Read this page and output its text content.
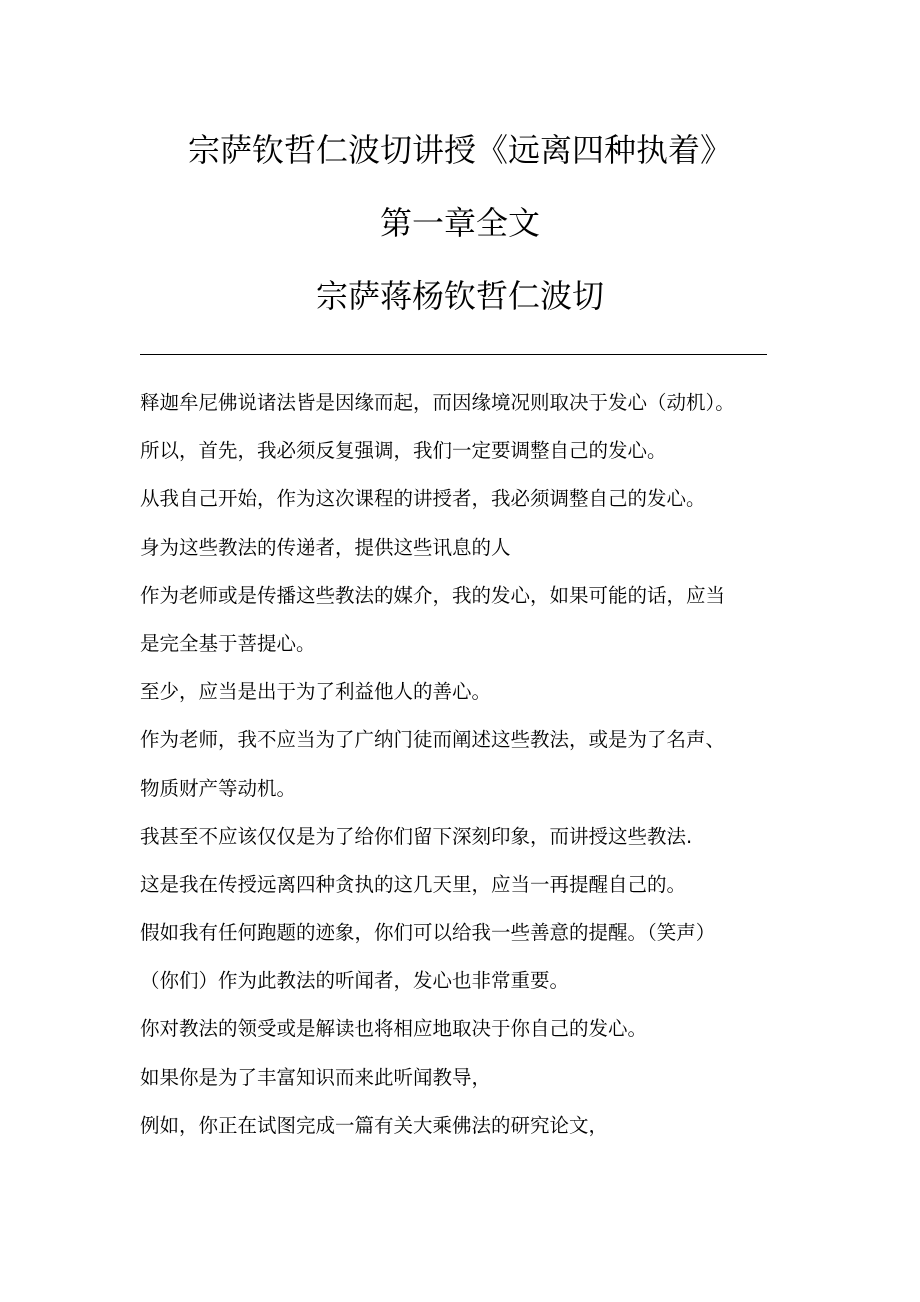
宗萨钦哲仁波切讲授《远离四种执着》
第一章全文
宗萨蒋杨钦哲仁波切
释迦牟尼佛说诸法皆是因缘而起，而因缘境况则取决于发心（动机）。
所以，首先，我必须反复强调，我们一定要调整自己的发心。
从我自己开始，作为这次课程的讲授者，我必须调整自己的发心。
身为这些教法的传递者，提供这些讯息的人
作为老师或是传播这些教法的媒介，我的发心，如果可能的话，应当
是完全基于菩提心。
至少，应当是出于为了利益他人的善心。
作为老师，我不应当为了广纳门徒而阐述这些教法，或是为了名声、
物质财产等动机。
我甚至不应该仅仅是为了给你们留下深刻印象，而讲授这些教法.
这是我在传授远离四种贪执的这几天里，应当一再提醒自己的。
假如我有任何跑题的迹象，你们可以给我一些善意的提醒。（笑声）
（你们）作为此教法的听闻者，发心也非常重要。
你对教法的领受或是解读也将相应地取决于你自己的发心。
如果你是为了丰富知识而来此听闻教导，
例如，你正在试图完成一篇有关大乘佛法的研究论文，
